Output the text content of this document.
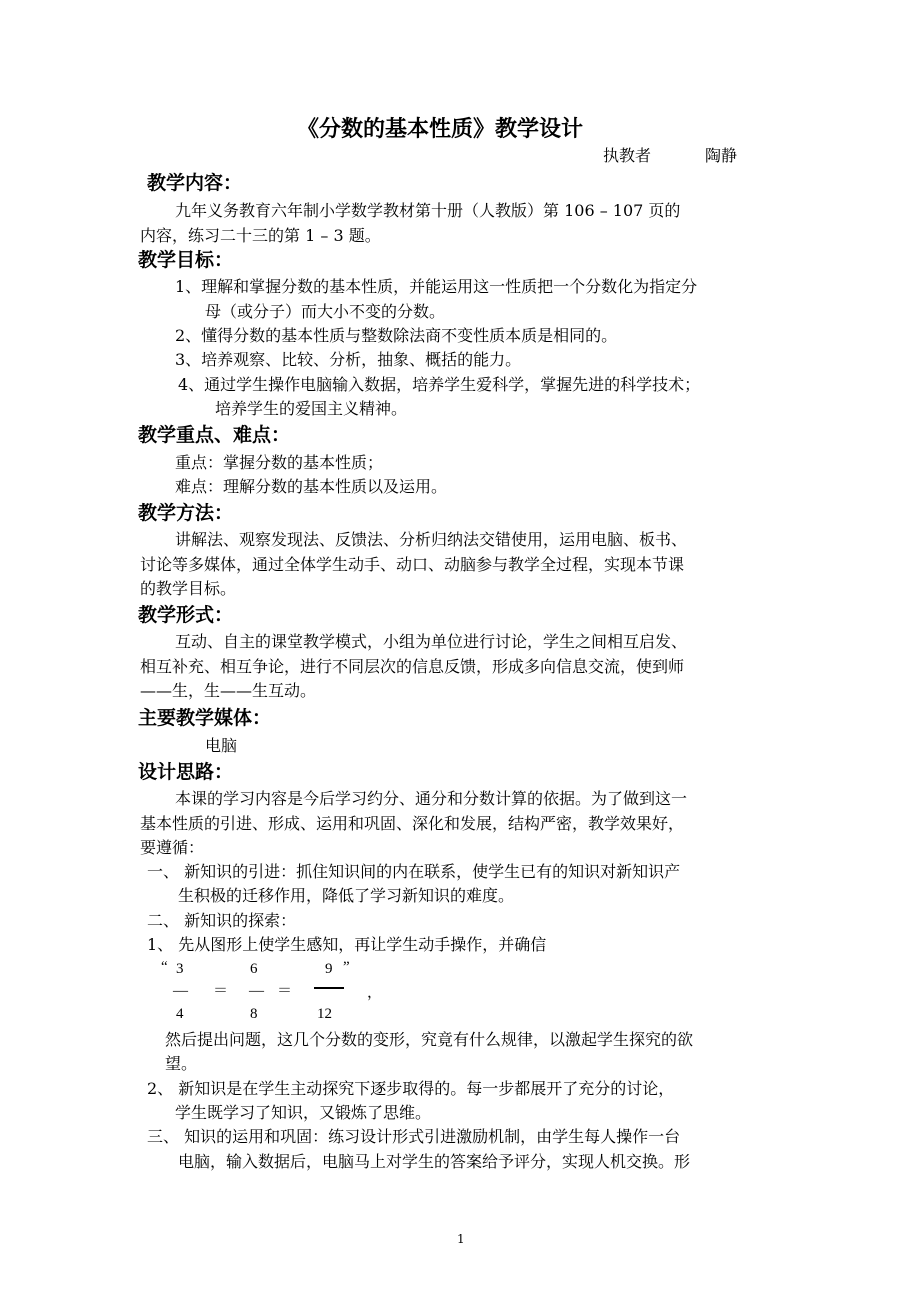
《分数的基本性质》教学设计
执教者	陶静
教学内容：
九年义务教育六年制小学数学教材第十册（人教版）第 106 – 107 页的
内容，练习二十三的第 1 – 3 题。
教学目标：
1、理解和掌握分数的基本性质，并能运用这一性质把一个分数化为指定分
母（或分子）而大小不变的分数。
2、懂得分数的基本性质与整数除法商不变性质本质是相同的。
3、培养观察、比较、分析，抽象、概括的能力。
4、通过学生操作电脑输入数据，培养学生爱科学，掌握先进的科学技术；
培养学生的爱国主义精神。
教学重点、难点：
重点：掌握分数的基本性质；
难点：理解分数的基本性质以及运用。
教学方法：
讲解法、观察发现法、反馈法、分析归纳法交错使用，运用电脑、板书、
讨论等多媒体，通过全体学生动手、动口、动脑参与教学全过程，实现本节课
的教学目标。
教学形式：
互动、自主的课堂教学模式，小组为单位进行讨论，学生之间相互启发、
相互补充、相互争论，进行不同层次的信息反馈，形成多向信息交流，使到师
——生，生——生互动。
主要教学媒体：
电脑
设计思路：
本课的学习内容是今后学习约分、通分和分数计算的依据。为了做到这一
基本性质的引进、形成、运用和巩固、深化和发展，结构严密，教学效果好，
要遵循：
一、 新知识的引进：抓住知识间的内在联系，使学生已有的知识对新知识产
生积极的迁移作用，降低了学习新知识的难度。
二、 新知识的探索：
1、 先从图形上使学生感知，再让学生动手操作，并确信
“ 3	6	9 ”
— ＝ — ＝	，
4	8	12
然后提出问题，这几个分数的变形，究竟有什么规律，以激起学生探究的欲
望。
2、 新知识是在学生主动探究下逐步取得的。每一步都展开了充分的讨论，
学生既学习了知识，又锻炼了思维。
三、 知识的运用和巩固：练习设计形式引进激励机制，由学生每人操作一台
电脑，输入数据后，电脑马上对学生的答案给予评分，实现人机交换。形
1
